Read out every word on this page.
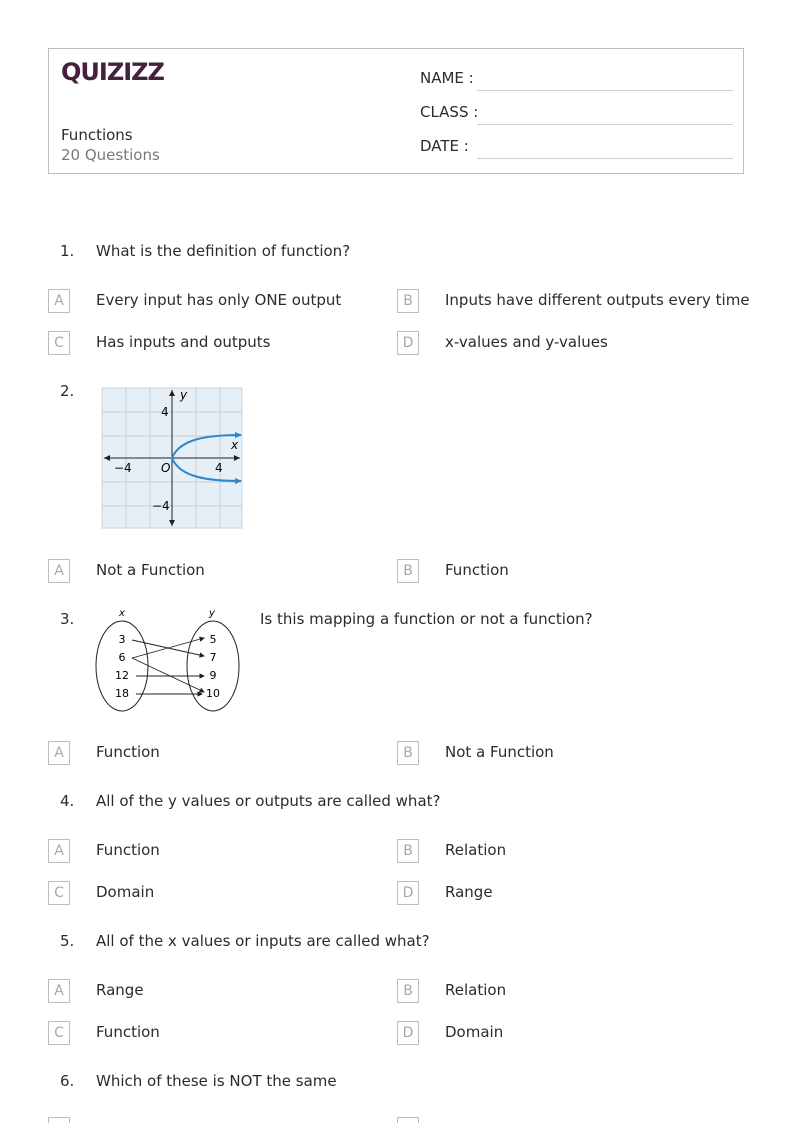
QUIZIZZ
Functions
20 Questions
NAME :
CLASS :
DATE :
1. What is the definition of function?
A	Every input has only ONE output	B	Inputs have different outputs every time
C	Has inputs and outputs	D	x-values and y-values
2.	y
x
O	4
−4
4
−4
A	Not a Function	B	Function
3.	x	y
3
6
12
18
5
7
9
10
Is this mapping a function or not a function?
A	Function	B	Not a Function
4. All of the y values or outputs are called what?
A	Function	B	Relation
C	Domain	D	Range
5. All of the x values or inputs are called what?
A	Range	B	Relation
C	Function	D	Domain
6. Which of these is NOT the same
